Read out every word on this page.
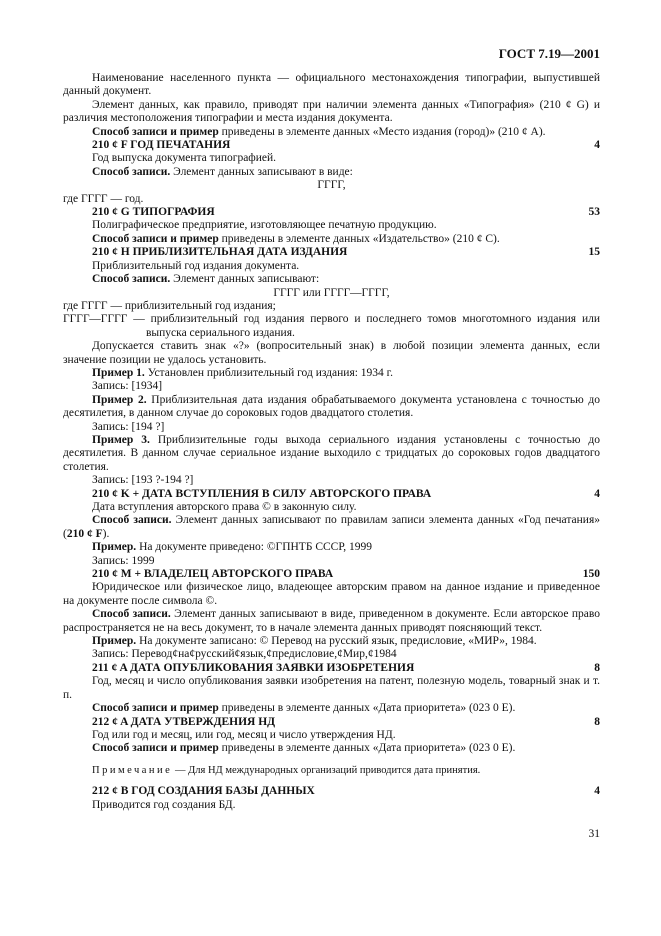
ГОСТ 7.19—2001

Наименование населенного пункта — официального местонахождения типографии, выпустившей данный документ.

Элемент данных, как правило, приводят при наличии элемента данных «Типография» (210 ¢ G) и различия местоположения типографии и места издания документа.

Способ записи и пример приведены в элементе данных «Место издания (город)» (210 ¢ A).

210 ¢ F ГОД ПЕЧАТАНИЯ	4

Год выпуска документа типографией.

Способ записи. Элемент данных записывают в виде:

ГГГГ,

где ГГГГ — год.

210 ¢ G ТИПОГРАФИЯ	53

Полиграфическое предприятие, изготовляющее печатную продукцию.

Способ записи и пример приведены в элементе данных «Издательство» (210 ¢ C).

210 ¢ H ПРИБЛИЗИТЕЛЬНАЯ ДАТА ИЗДАНИЯ	15

Приблизительный год издания документа.

Способ записи. Элемент данных записывают:

ГГГГ или ГГГГ—ГГГГ,

где ГГГГ — приблизительный год издания;

ГГГГ—ГГГГ — приблизительный год издания первого и последнего томов многотомного издания или выпуска сериального издания.

Допускается ставить знак «?» (вопросительный знак) в любой позиции элемента данных, если значение позиции не удалось установить.

Пример 1. Установлен приблизительный год издания: 1934 г.

Запись: [1934]

Пример 2. Приблизительная дата издания обрабатываемого документа установлена с точностью до десятилетия, в данном случае до сороковых годов двадцатого столетия.

Запись: [194 ?]

Пример 3. Приблизительные годы выхода сериального издания установлены с точностью до десятилетия. В данном случае сериальное издание выходило с тридцатых до сороковых годов двадцатого столетия.

Запись: [193 ?-194 ?]

210 ¢ K + ДАТА ВСТУПЛЕНИЯ В СИЛУ АВТОРСКОГО ПРАВА	4

Дата вступления авторского права © в законную силу.

Способ записи. Элемент данных записывают по правилам записи элемента данных «Год печатания» (210 ¢ F).

Пример. На документе приведено: ©ГПНТБ СССР, 1999

Запись: 1999

210 ¢ M + ВЛАДЕЛЕЦ АВТОРСКОГО ПРАВА	150

Юридическое или физическое лицо, владеющее авторским правом на данное издание и приведенное на документе после символа ©.

Способ записи. Элемент данных записывают в виде, приведенном в документе. Если авторское право распространяется не на весь документ, то в начале элемента данных приводят поясняющий текст.

Пример. На документе записано: © Перевод на русский язык, предисловие, «МИР», 1984.

Запись: Перевод¢на¢русский¢язык,¢предисловие,¢Мир,¢1984

211 ¢ A ДАТА ОПУБЛИКОВАНИЯ ЗАЯВКИ ИЗОБРЕТЕНИЯ	8

Год, месяц и число опубликования заявки изобретения на патент, полезную модель, товарный знак и т. п.

Способ записи и пример приведены в элементе данных «Дата приоритета» (023 0 E).

212 ¢ A ДАТА УТВЕРЖДЕНИЯ НД	8

Год или год и месяц, или год, месяц и число утверждения НД.

Способ записи и пример приведены в элементе данных «Дата приоритета» (023 0 E).

Примечание — Для НД международных организаций приводится дата принятия.

212 ¢ B ГОД СОЗДАНИЯ БАЗЫ ДАННЫХ	4

Приводится год создания БД.

31
